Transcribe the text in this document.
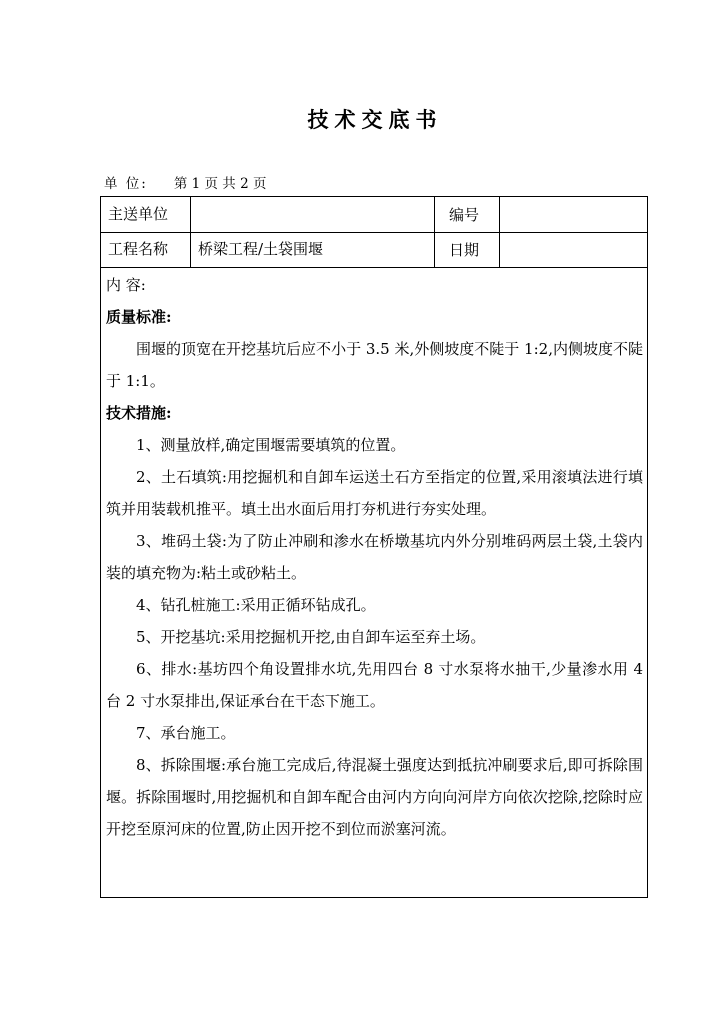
技术交底书
单 位: 第 1 页 共 2 页
主送单位	编号
工程名称 桥梁工程/土袋围堰	日期

内 容:

质量标准:

围堰的顶宽在开挖基坑后应不小于 3.5 米,外侧坡度不陡于 1:2,内侧坡度不陡于 1:1。

技术措施:

1、测量放样,确定围堰需要填筑的位置。

2、土石填筑:用挖掘机和自卸车运送土石方至指定的位置,采用滚填法进行填筑并用装载机推平。填土出水面后用打夯机进行夯实处理。

3、堆码土袋:为了防止冲刷和渗水在桥墩基坑内外分别堆码两层土袋,土袋内装的填充物为:粘土或砂粘土。

4、钻孔桩施工:采用正循环钻成孔。

5、开挖基坑:采用挖掘机开挖,由自卸车运至弃土场。

6、排水:基坊四个角设置排水坑,先用四台 8 寸水泵将水抽干,少量渗水用 4 台 2 寸水泵排出,保证承台在干态下施工。

7、承台施工。

8、拆除围堰:承台施工完成后,待混凝土强度达到抵抗冲刷要求后,即可拆除围堰。拆除围堰时,用挖掘机和自卸车配合由河内方向向河岸方向依次挖除,挖除时应开挖至原河床的位置,防止因开挖不到位而淤塞河流。
